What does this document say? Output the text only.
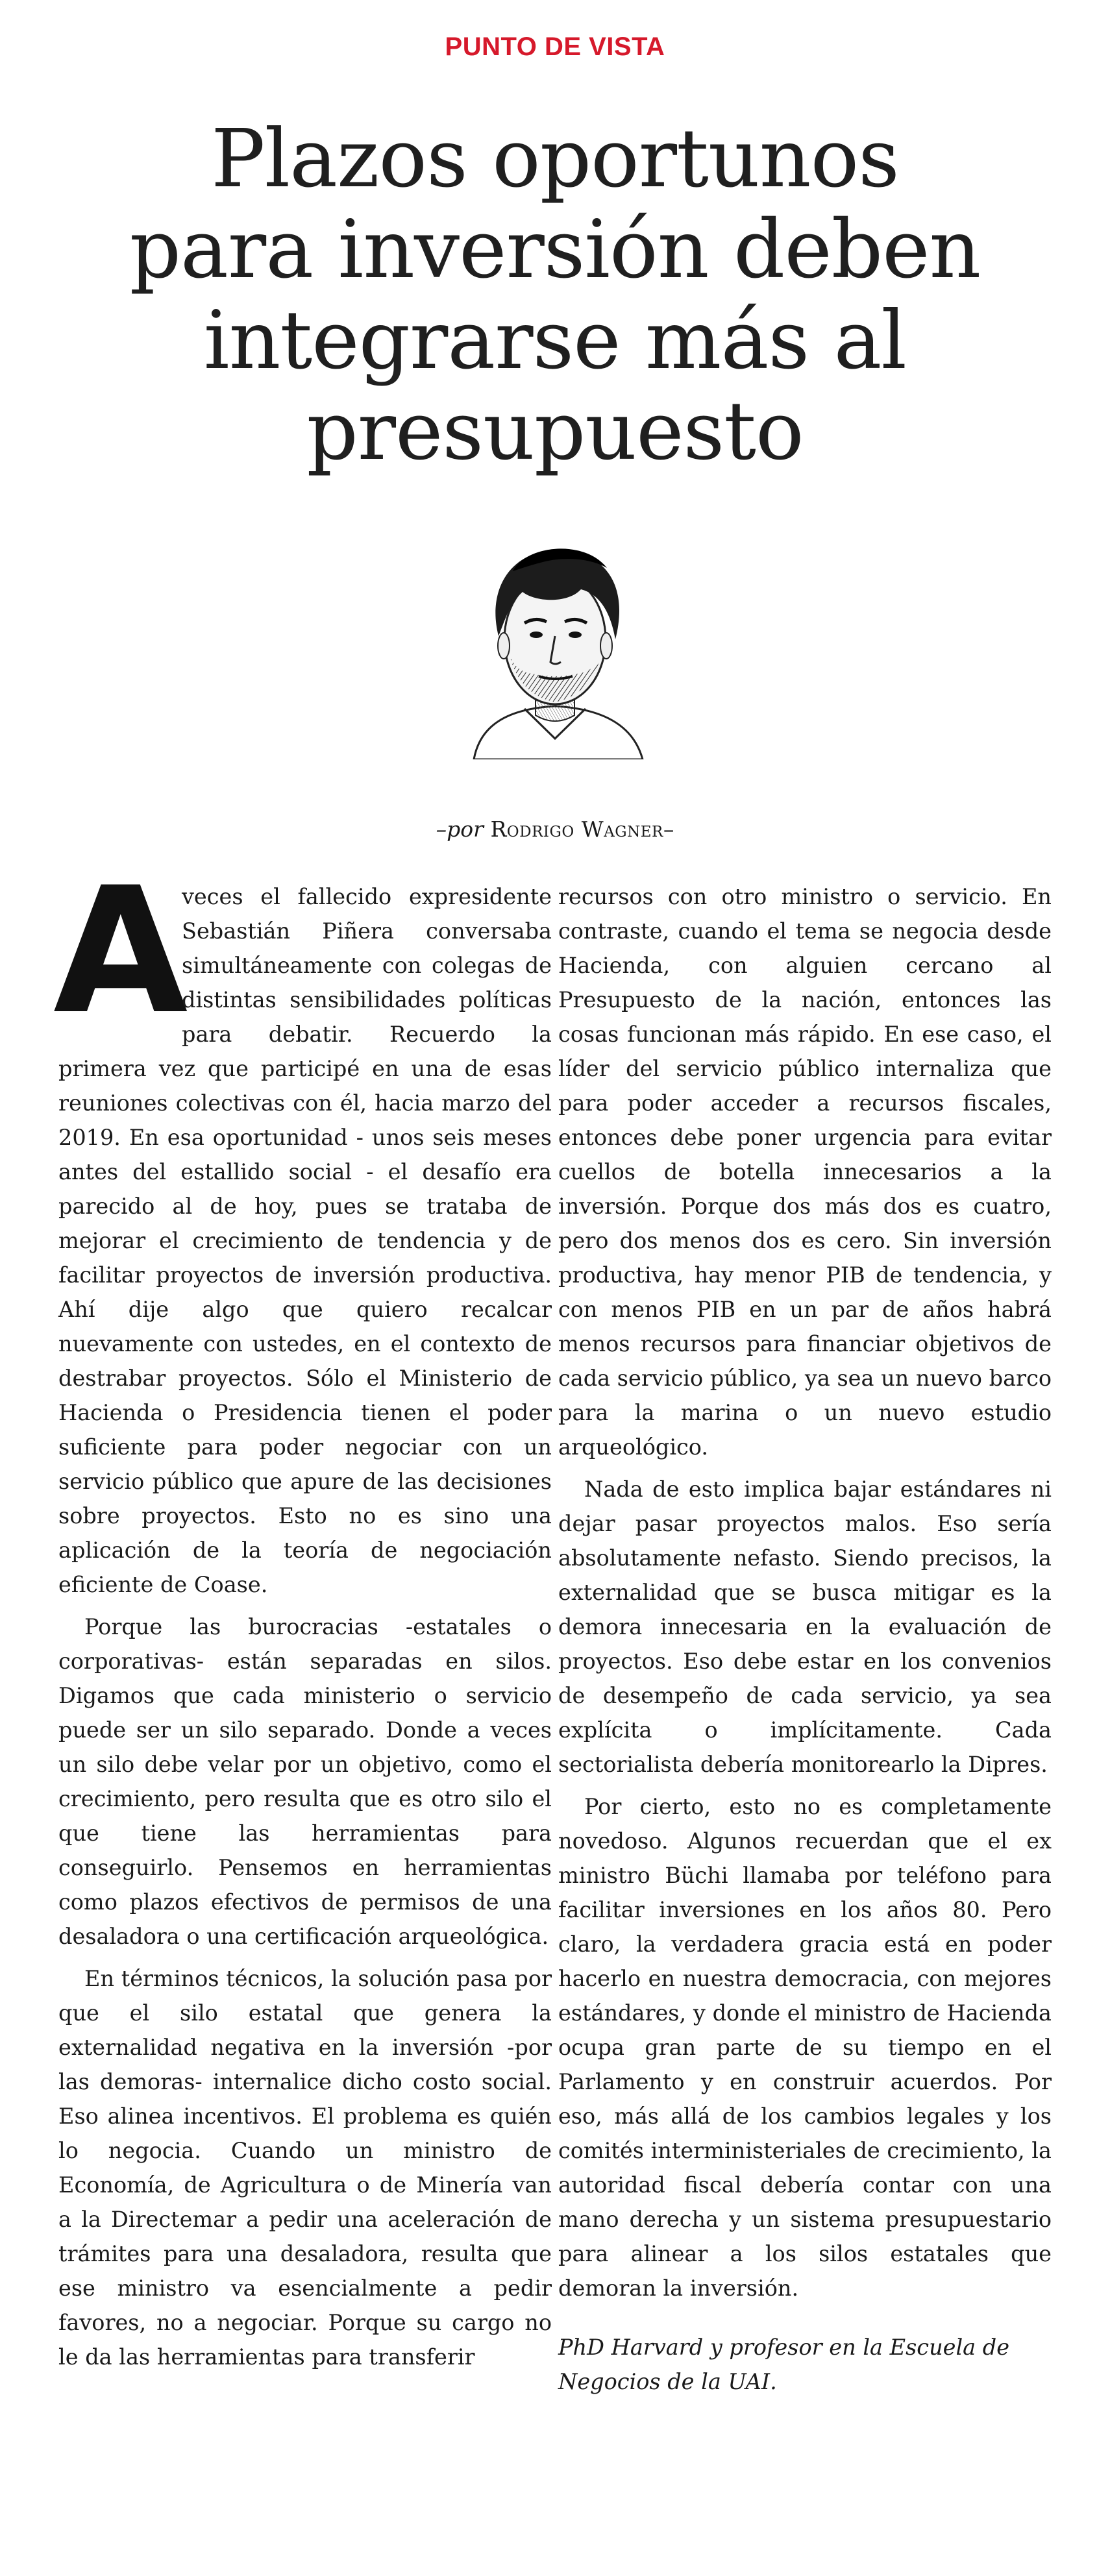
PUNTO DE VISTA
Plazos oportunos
para inversión deben
integrarse más al
presupuesto
–por Rodrigo Wagner–

A
veces el fallecido expresidente Sebastián Piñera conversaba simultáneamente con colegas de distintas sensibilidades políticas para debatir. Recuerdo la primera vez que participé en una de esas reuniones colectivas con él, hacia marzo del 2019. En esa oportunidad - unos seis meses antes del estallido social - el desafío era parecido al de hoy, pues se trataba de mejorar el crecimiento de tendencia y de facilitar proyectos de inversión productiva. Ahí dije algo que quiero recalcar nuevamente con ustedes, en el contexto de destrabar proyectos. Sólo el Ministerio de Hacienda o Presidencia tienen el poder suficiente para poder negociar con un servicio público que apure de las decisiones sobre proyectos. Esto no es sino una aplicación de la teoría de negociación eficiente de Coase.

Porque las burocracias -estatales o corporativas- están separadas en silos. Digamos que cada ministerio o servicio puede ser un silo separado. Donde a veces un silo debe velar por un objetivo, como el crecimiento, pero resulta que es otro silo el que tiene las herramientas para conseguirlo. Pensemos en herramientas como plazos efectivos de permisos de una desaladora o una certificación arqueológica.

En términos técnicos, la solución pasa por que el silo estatal que genera la externalidad negativa en la inversión -por las demoras- internalice dicho costo social. Eso alinea incentivos. El problema es quién lo negocia. Cuando un ministro de Economía, de Agricultura o de Minería van a la Directemar a pedir una aceleración de trámites para una desaladora, resulta que ese ministro va esencialmente a pedir favores, no a negociar. Porque su cargo no le da las herramientas para transferir

recursos con otro ministro o servicio. En contraste, cuando el tema se negocia desde Hacienda, con alguien cercano al Presupuesto de la nación, entonces las cosas funcionan más rápido. En ese caso, el líder del servicio público internaliza que para poder acceder a recursos fiscales, entonces debe poner urgencia para evitar cuellos de botella innecesarios a la inversión. Porque dos más dos es cuatro, pero dos menos dos es cero. Sin inversión productiva, hay menor PIB de tendencia, y con menos PIB en un par de años habrá menos recursos para financiar objetivos de cada servicio público, ya sea un nuevo barco para la marina o un nuevo estudio arqueológico.

Nada de esto implica bajar estándares ni dejar pasar proyectos malos. Eso sería absolutamente nefasto. Siendo precisos, la externalidad que se busca mitigar es la demora innecesaria en la evaluación de proyectos. Eso debe estar en los convenios de desempeño de cada servicio, ya sea explícita o implícitamente. Cada sectorialista debería monitorearlo la Dipres.

Por cierto, esto no es completamente novedoso. Algunos recuerdan que el ex ministro Büchi llamaba por teléfono para facilitar inversiones en los años 80. Pero claro, la verdadera gracia está en poder hacerlo en nuestra democracia, con mejores estándares, y donde el ministro de Hacienda ocupa gran parte de su tiempo en el Parlamento y en construir acuerdos. Por eso, más allá de los cambios legales y los comités interministeriales de crecimiento, la autoridad fiscal debería contar con una mano derecha y un sistema presupuestario para alinear a los silos estatales que demoran la inversión.

PhD Harvard y profesor en la Escuela de Negocios de la UAI.
